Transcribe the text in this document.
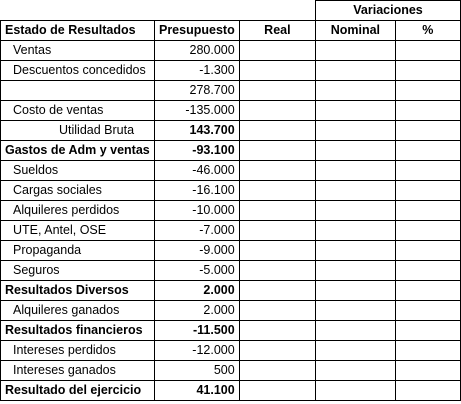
			Variaciones	
Estado de Resultados	Presupuesto	Real	Nominal	%
Ventas	280.000			
Descuentos concedidos	-1.300			
	278.700			
Costo de ventas	-135.000			
Utilidad Bruta	143.700			
Gastos de Adm y ventas	-93.100			
Sueldos	-46.000			
Cargas sociales	-16.100			
Alquileres perdidos	-10.000			
UTE, Antel, OSE	-7.000			
Propaganda	-9.000			
Seguros	-5.000			
Resultados Diversos	2.000			
Alquileres ganados	2.000			
Resultados financieros	-11.500			
Intereses perdidos	-12.000			
Intereses ganados	500			
Resultado del ejercicio	41.100			
